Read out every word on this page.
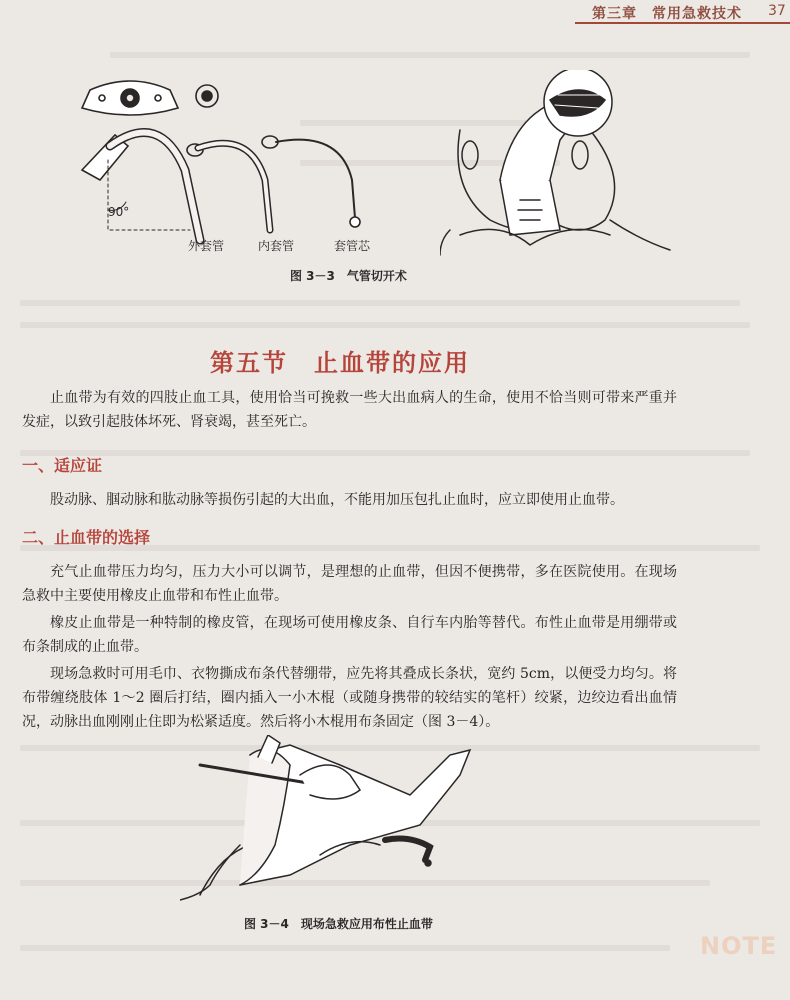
第三章　常用急救技术 37
90°
外套管	内套管	套管芯
图 3－3　气管切开术
第五节 止血带的应用

止血带为有效的四肢止血工具，使用恰当可挽救一些大出血病人的生命，使用不恰当则可带来严重并发症，以致引起肢体坏死、肾衰竭，甚至死亡。

一、适应证

股动脉、腘动脉和肱动脉等损伤引起的大出血，不能用加压包扎止血时，应立即使用止血带。

二、止血带的选择

充气止血带压力均匀，压力大小可以调节，是理想的止血带，但因不便携带，多在医院使用。在现场急救中主要使用橡皮止血带和布性止血带。

橡皮止血带是一种特制的橡皮管，在现场可使用橡皮条、自行车内胎等替代。布性止血带是用绷带或布条制成的止血带。

现场急救时可用毛巾、衣物撕成布条代替绷带，应先将其叠成长条状，宽约 5cm，以便受力均匀。将布带缠绕肢体 1～2 圈后打结，圈内插入一小木棍（或随身携带的较结实的笔杆）绞紧，边绞边看出血情况，动脉出血刚刚止住即为松紧适度。然后将小木棍用布条固定（图 3－4）。

图 3－4　现场急救应用布性止血带
NOTE
